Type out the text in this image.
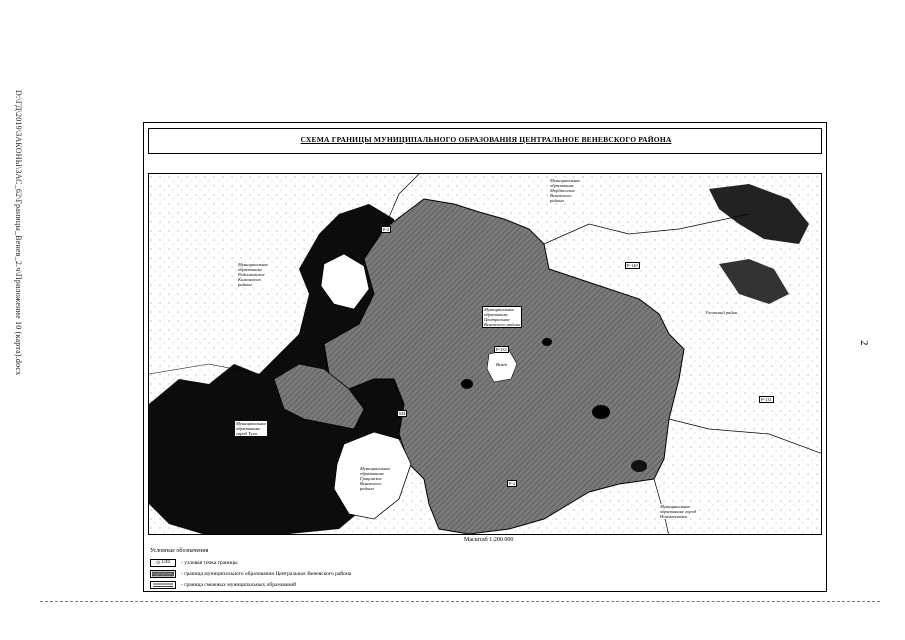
D:\ГД\2019\ЗАКОНЫ\ЗАС_62\Границы_Венев_2.ч\Приложение 10 (карта).docx	2
СХЕМА ГРАНИЦЫ МУНИЦИПАЛЬНОГО ОБРАЗОВАНИЯ ЦЕНТРАЛЬНОЕ ВЕНЕВСКОГО РАЙОНА
Муниципальное
образование
Мордвесское
Веневского
района
Муниципальное
образование
Родионовское
Кимовского
района
Муниципальное
образование
Центральное
Веневского района
Муниципальное
образование
город Тула
Муниципальное
образование
Грицовское
Веневского
района
Узловский район
Муниципальное
образование город
Новомосковск
Венёв
Р-2
Р-140
М4
Р-2
Р-131
Р-132
Масштаб 1:200 000
Условные обозначения
⊙
U46 - узловая точка границы
- граница муниципального образования Центральное Веневского района
- граница смежных муниципальных образований
